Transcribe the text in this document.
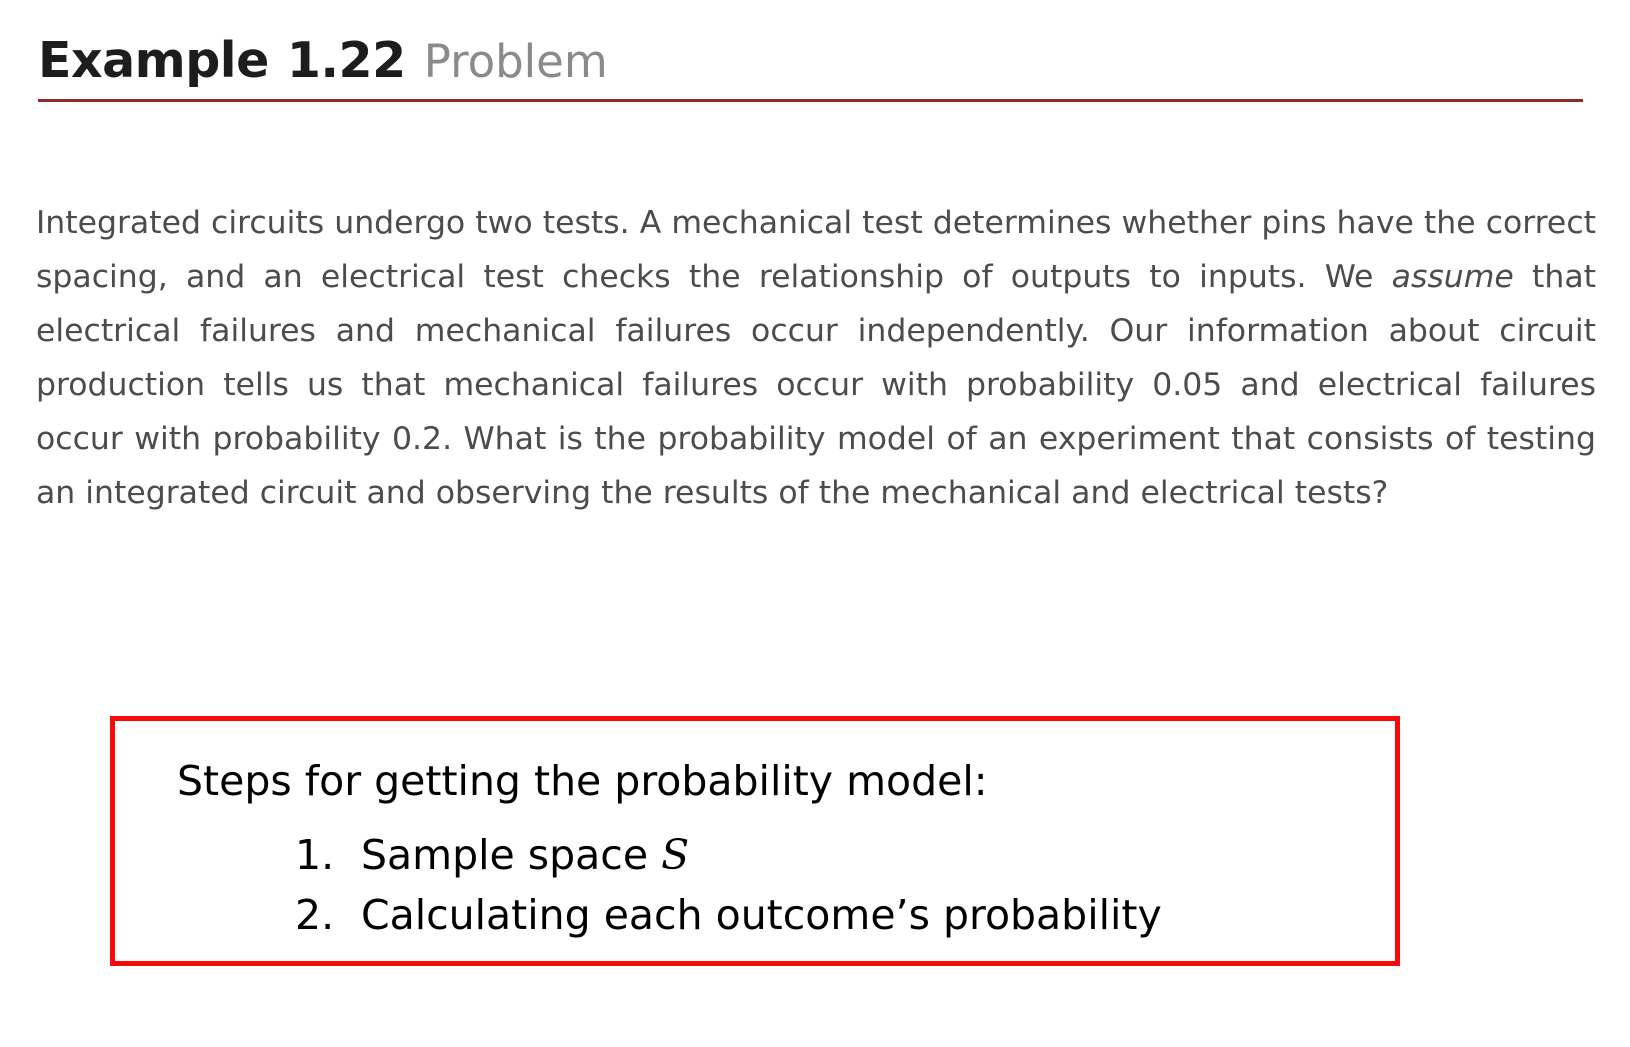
Example 1.22 Problem
Integrated circuits undergo two tests. A mechanical test determines whether pins have the correct spacing, and an electrical test checks the relationship of outputs to inputs. We assume that electrical failures and mechanical failures occur independently. Our information about circuit production tells us that mechanical failures occur with probability 0.05 and electrical failures occur with probability 0.2. What is the probability model of an experiment that consists of testing an integrated circuit and observing the results of the mechanical and electrical tests?
Steps for getting the probability model:
1. Sample space S
2. Calculating each outcome’s probability
